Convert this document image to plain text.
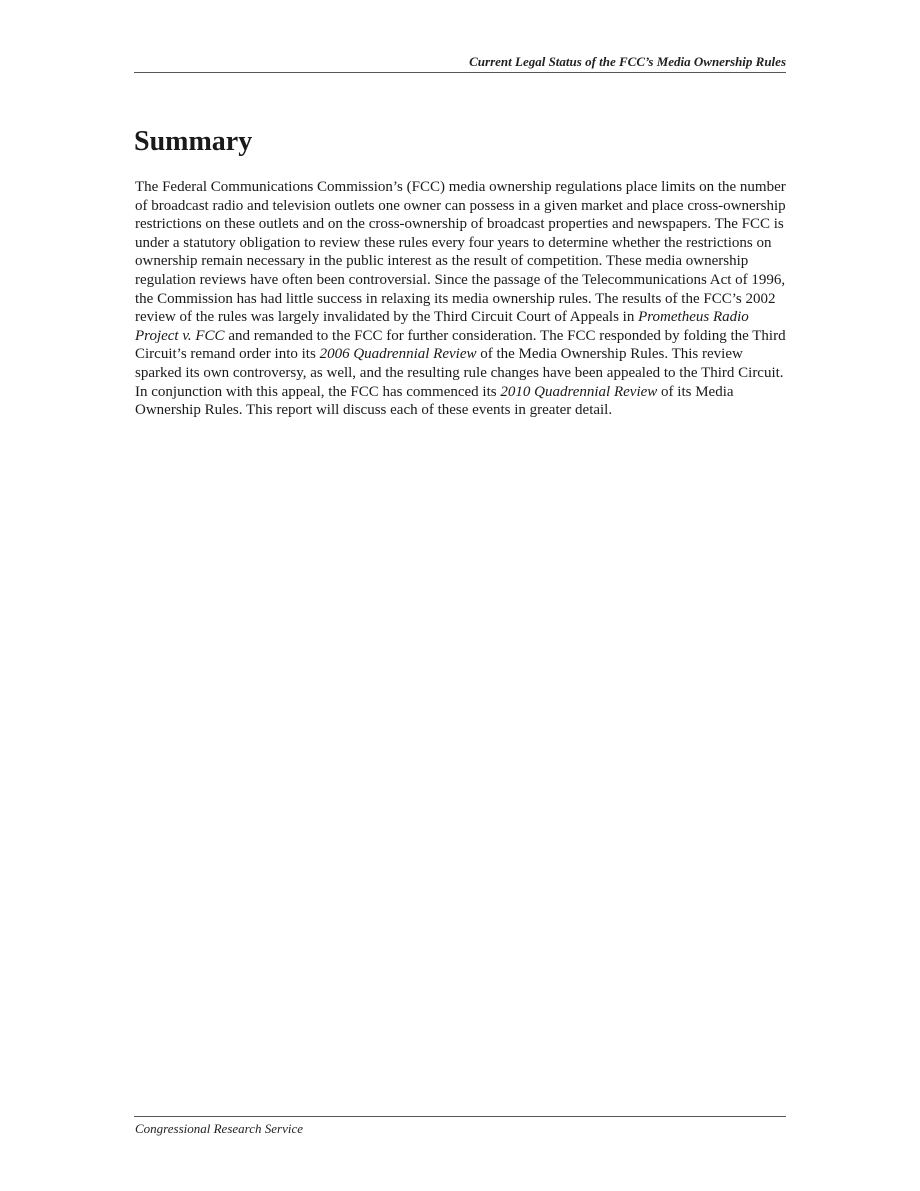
Current Legal Status of the FCC’s Media Ownership Rules
Summary

The Federal Communications Commission’s (FCC) media ownership regulations place limits on the number of broadcast radio and television outlets one owner can possess in a given market and place cross-ownership restrictions on these outlets and on the cross-ownership of broadcast properties and newspapers. The FCC is under a statutory obligation to review these rules every four years to determine whether the restrictions on ownership remain necessary in the public interest as the result of competition. These media ownership regulation reviews have often been controversial. Since the passage of the Telecommunications Act of 1996, the Commission has had little success in relaxing its media ownership rules. The results of the FCC’s 2002 review of the rules was largely invalidated by the Third Circuit Court of Appeals in Prometheus Radio Project v. FCC and remanded to the FCC for further consideration. The FCC responded by folding the Third Circuit’s remand order into its 2006 Quadrennial Review of the Media Ownership Rules. This review sparked its own controversy, as well, and the resulting rule changes have been appealed to the Third Circuit. In conjunction with this appeal, the FCC has commenced its 2010 Quadrennial Review of its Media Ownership Rules. This report will discuss each of these events in greater detail.

Congressional Research Service
